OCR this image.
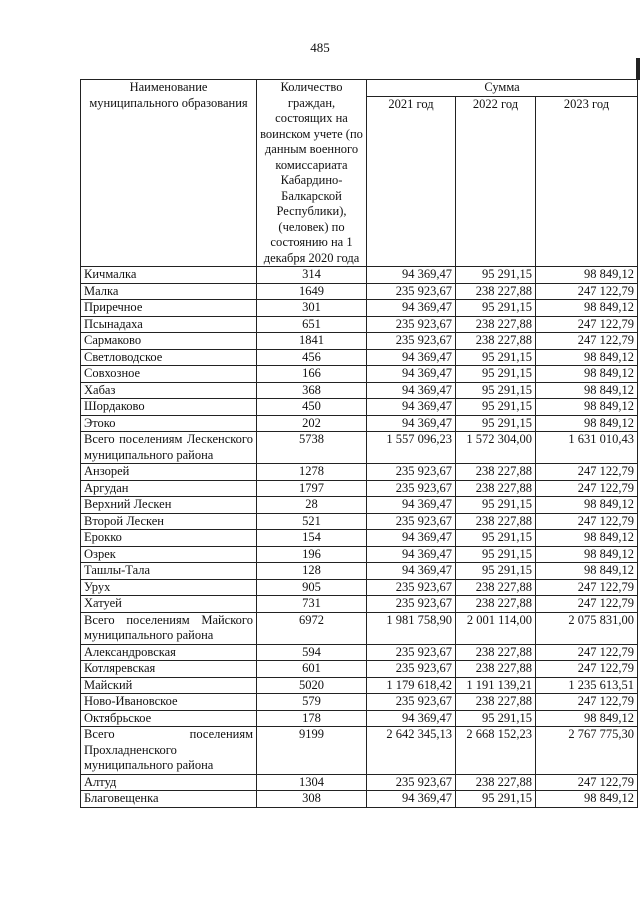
485
Наименование муниципального образования	Количество граждан, состоящих на воинском учете (по данным военного комиссариата Кабардино-Балкарской Республики), (человек) по состоянию на 1 декабря 2020 года	Сумма		
		2021 год	2022 год	2023 год
Кичмалка	314	94 369,47	95 291,15	98 849,12
Малка	1649	235 923,67	238 227,88	247 122,79
Приречное	301	94 369,47	95 291,15	98 849,12
Псынадаха	651	235 923,67	238 227,88	247 122,79
Сармаково	1841	235 923,67	238 227,88	247 122,79
Светловодское	456	94 369,47	95 291,15	98 849,12
Совхозное	166	94 369,47	95 291,15	98 849,12
Хабаз	368	94 369,47	95 291,15	98 849,12
Шордаково	450	94 369,47	95 291,15	98 849,12
Этоко	202	94 369,47	95 291,15	98 849,12
Всего поселениям Лескенского муниципального района	5738	1 557 096,23	1 572 304,00	1 631 010,43
Анзорей	1278	235 923,67	238 227,88	247 122,79
Аргудан	1797	235 923,67	238 227,88	247 122,79
Верхний Лескен	28	94 369,47	95 291,15	98 849,12
Второй Лескен	521	235 923,67	238 227,88	247 122,79
Ерокко	154	94 369,47	95 291,15	98 849,12
Озрек	196	94 369,47	95 291,15	98 849,12
Ташлы-Тала	128	94 369,47	95 291,15	98 849,12
Урух	905	235 923,67	238 227,88	247 122,79
Хатуей	731	235 923,67	238 227,88	247 122,79
Всего поселениям Майского муниципального района	6972	1 981 758,90	2 001 114,00	2 075 831,00
Александровская	594	235 923,67	238 227,88	247 122,79
Котляревская	601	235 923,67	238 227,88	247 122,79
Майский	5020	1 179 618,42	1 191 139,21	1 235 613,51
Ново-Ивановское	579	235 923,67	238 227,88	247 122,79
Октябрьское	178	94 369,47	95 291,15	98 849,12
Всего поселениям Прохладненского муниципального района	9199	2 642 345,13	2 668 152,23	2 767 775,30
Алтуд	1304	235 923,67	238 227,88	247 122,79
Благовещенка	308	94 369,47	95 291,15	98 849,12
